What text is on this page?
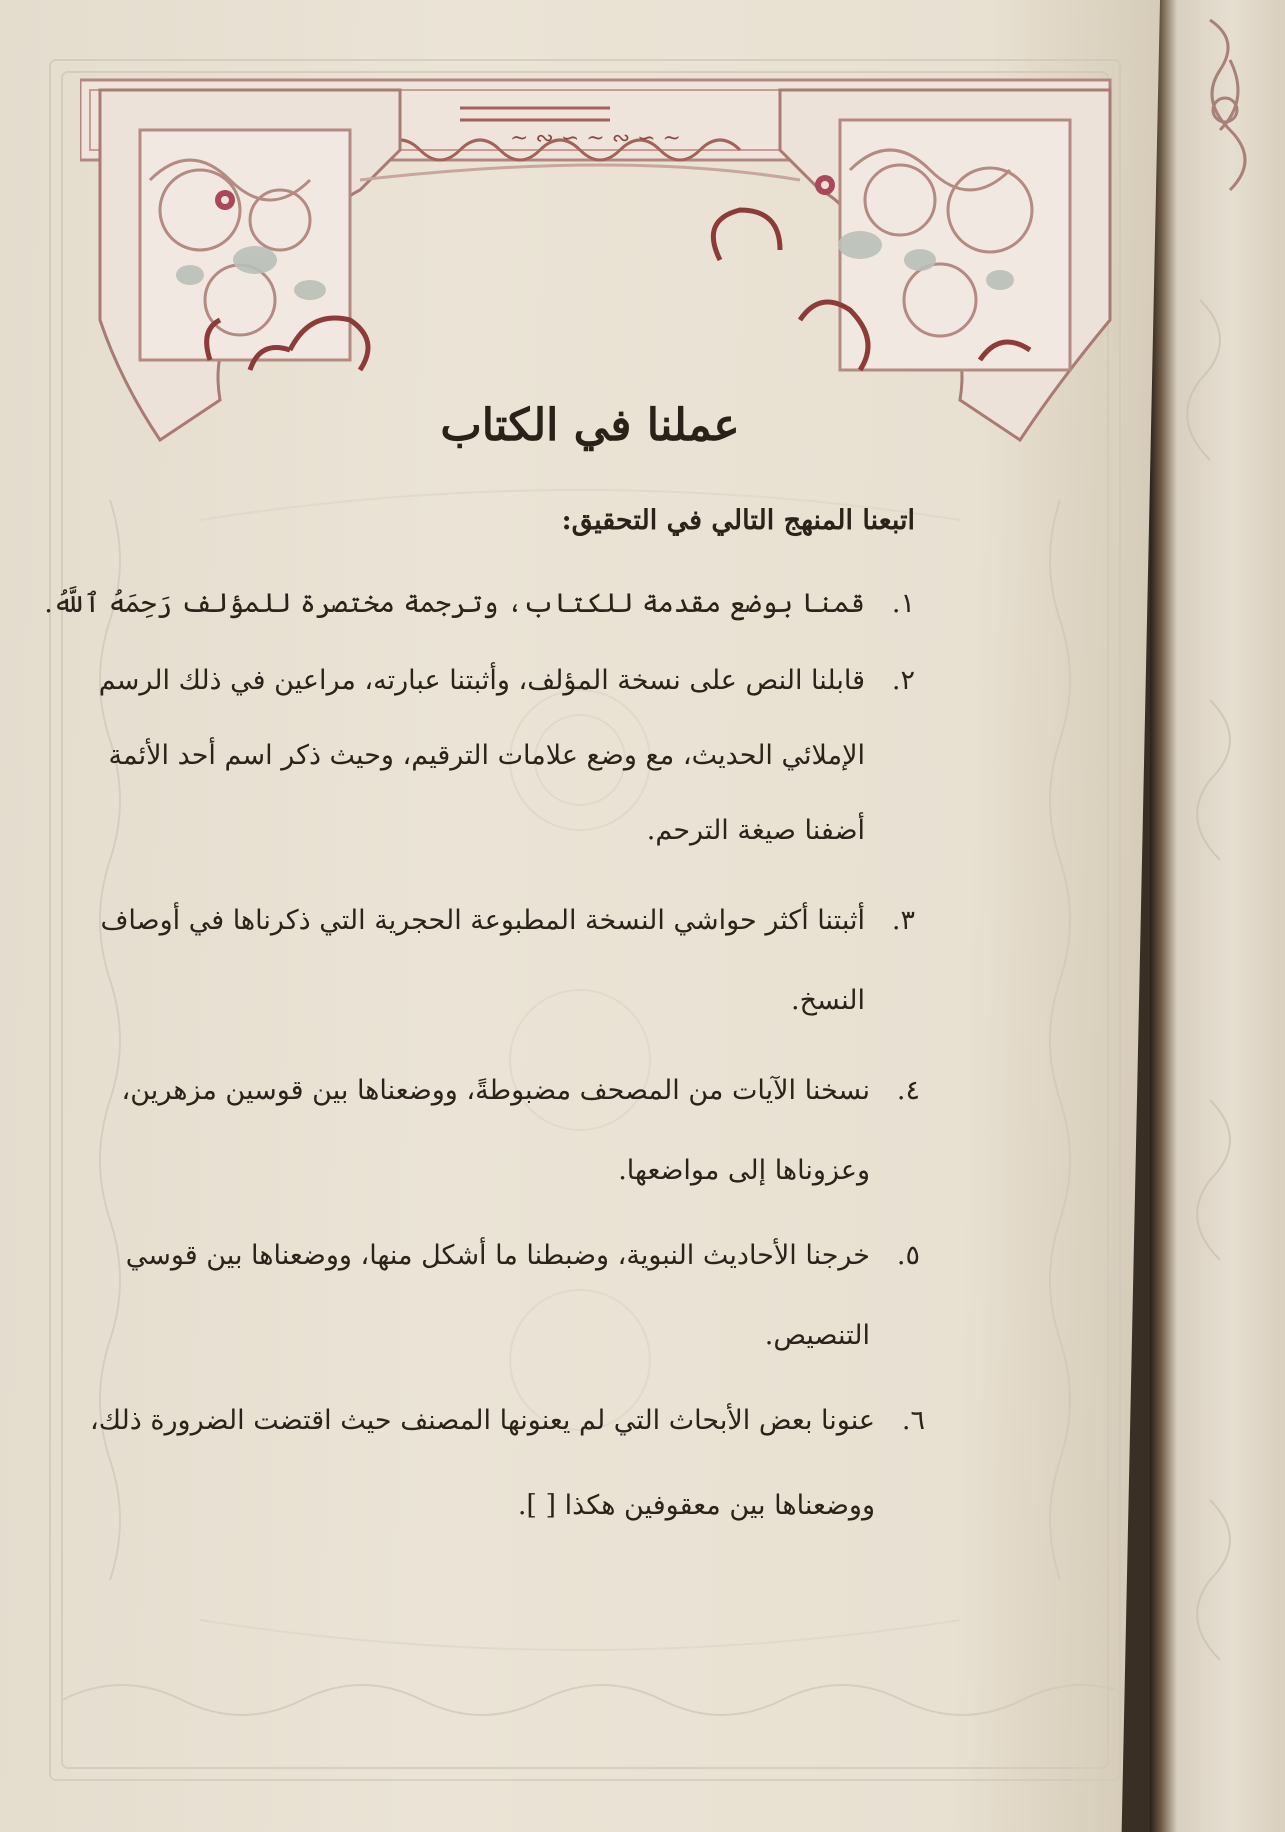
~ ∾ ∽ ~ ∾ ∽ ~
عملنا في الكتاب
اتبعنا المنهج التالي في التحقيق:
١.
قمنا بوضع مقدمة للكتاب، وترجمة مختصرة للمؤلف رَحِمَهُ ٱللَّهُ.
٢.
قابلنا النص على نسخة المؤلف، وأثبتنا عبارته، مراعين في ذلك الرسم
الإملائي الحديث، مع وضع علامات الترقيم، وحيث ذكر اسم أحد الأئمة
أضفنا صيغة الترحم.
٣.
أثبتنا أكثر حواشي النسخة المطبوعة الحجرية التي ذكرناها في أوصاف
النسخ.
٤.
نسخنا الآيات من المصحف مضبوطةً، ووضعناها بين قوسين مزهرين،
وعزوناها إلى مواضعها.
٥.
خرجنا الأحاديث النبوية، وضبطنا ما أشكل منها، ووضعناها بين قوسي
التنصيص.
٦.
عنونا بعض الأبحاث التي لم يعنونها المصنف حيث اقتضت الضرورة ذلك،
ووضعناها بين معقوفين هكذا [ ].
